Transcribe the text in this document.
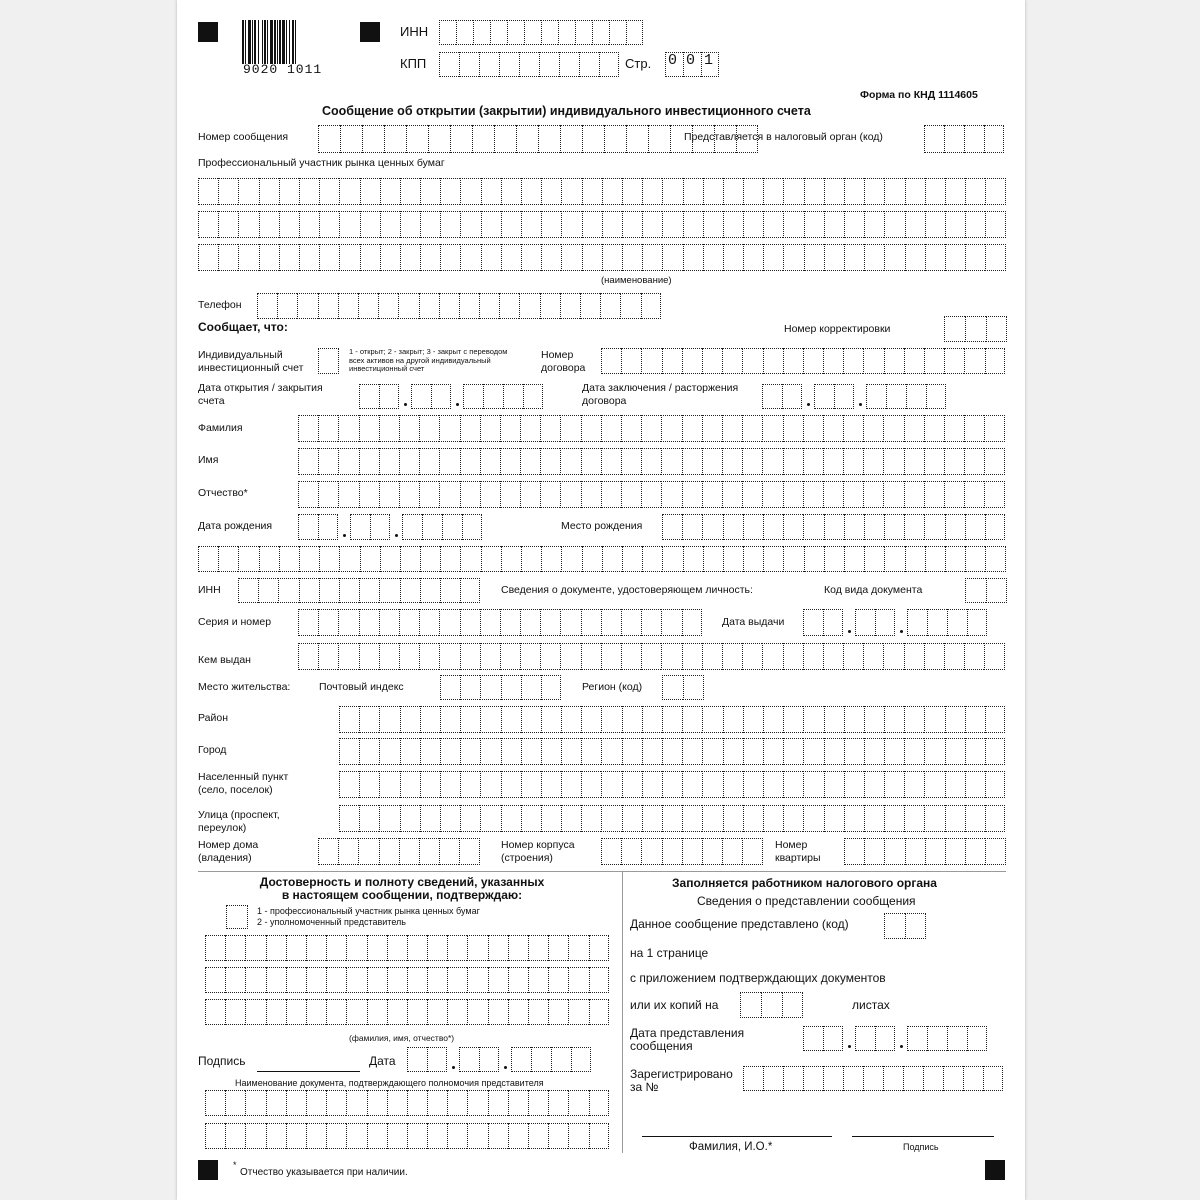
9020 1011
ИНН
КПП	Стр.
Форма по КНД 1114605
Сообщение об открытии (закрытии) индивидуального инвестиционного счета
Номер сообщения	Представляется в налоговый орган (код)
Профессиональный участник рынка ценных бумаг
(наименование)
Телефон
Сообщает, что:	Номер корректировки
Индивидуальный
инвестиционный счет
1 - открыт; 2 - закрыт; 3 - закрыт с переводом
всех активов на другой индивидуальный
инвестиционный счет
Номер
договора
Дата открытия / закрытия
счета
Дата заключения / расторжения
договора
Фамилия
Имя
Отчество*
Дата рождения	Место рождения
ИНН	Сведения о документе, удостоверяющем личность:	Код вида документа
Серия и номер	Дата выдачи
Кем выдан
Место жительства:	Почтовый индекс	Регион (код)
Район
Город
Населенный пункт
(село, поселок)
Улица (проспект,
переулок)
Номер дома
(владения)
Номер корпуса
(строения)
Номер
квартиры
Достоверность и полноту сведений, указанных
в настоящем сообщении, подтверждаю:
1 - профессиональный участник рынка ценных бумаг
2 - уполномоченный представитель
(фамилия, имя, отчество*)
Подпись	Дата
Наименование документа, подтверждающего полномочия представителя
Заполняется работником налогового органа
Сведения о представлении сообщения
Данное сообщение представлено (код)
на 1 странице
с приложением подтверждающих документов
или их копий на	листах
Дата представления
сообщения
Зарегистрировано
за №
Фамилия, И.О.*	Подпись
*
Отчество указывается при наличии.
0 0 1
